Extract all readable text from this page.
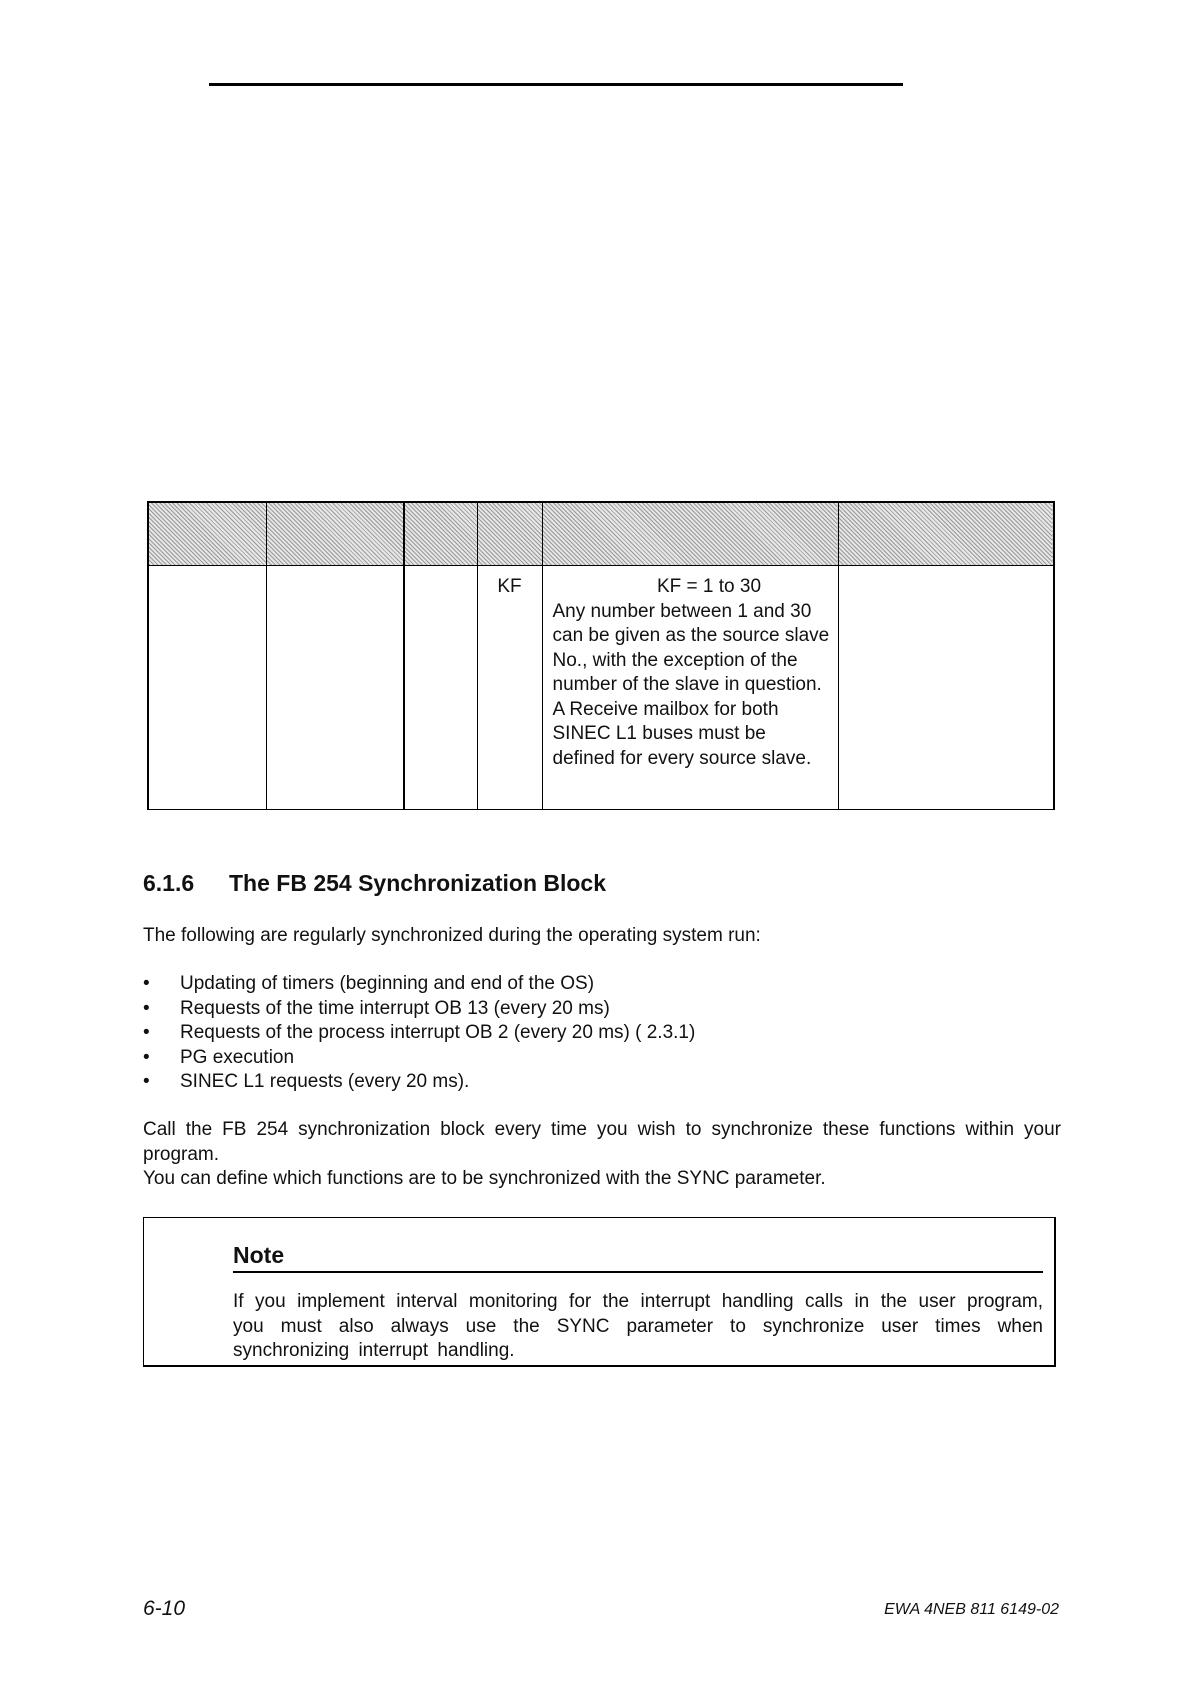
			KF	KF = 1 to 30
Any number between 1 and 30 can be given as the source slave No., with the exception of the number of the slave in question. A Receive mailbox for both SINEC L1 buses must be defined for every source slave.	
6.1.6 The FB 254 Synchronization Block

The following are regularly synchronized during the operating system run:

• Updating of timers (beginning and end of the OS)
• Requests of the time interrupt OB 13 (every 20 ms)
• Requests of the process interrupt OB 2 (every 20 ms) ( 2.3.1)
• PG execution
• SINEC L1 requests (every 20 ms).

Call the FB 254 synchronization block every time you wish to synchronize these functions within your program.

You can define which functions are to be synchronized with the SYNC parameter.

Note

If you implement interval monitoring for the interrupt handling calls in the user program, you must also always use the SYNC parameter to synchronize user times when synchronizing interrupt handling.

6-10	EWA 4NEB 811 6149-02
